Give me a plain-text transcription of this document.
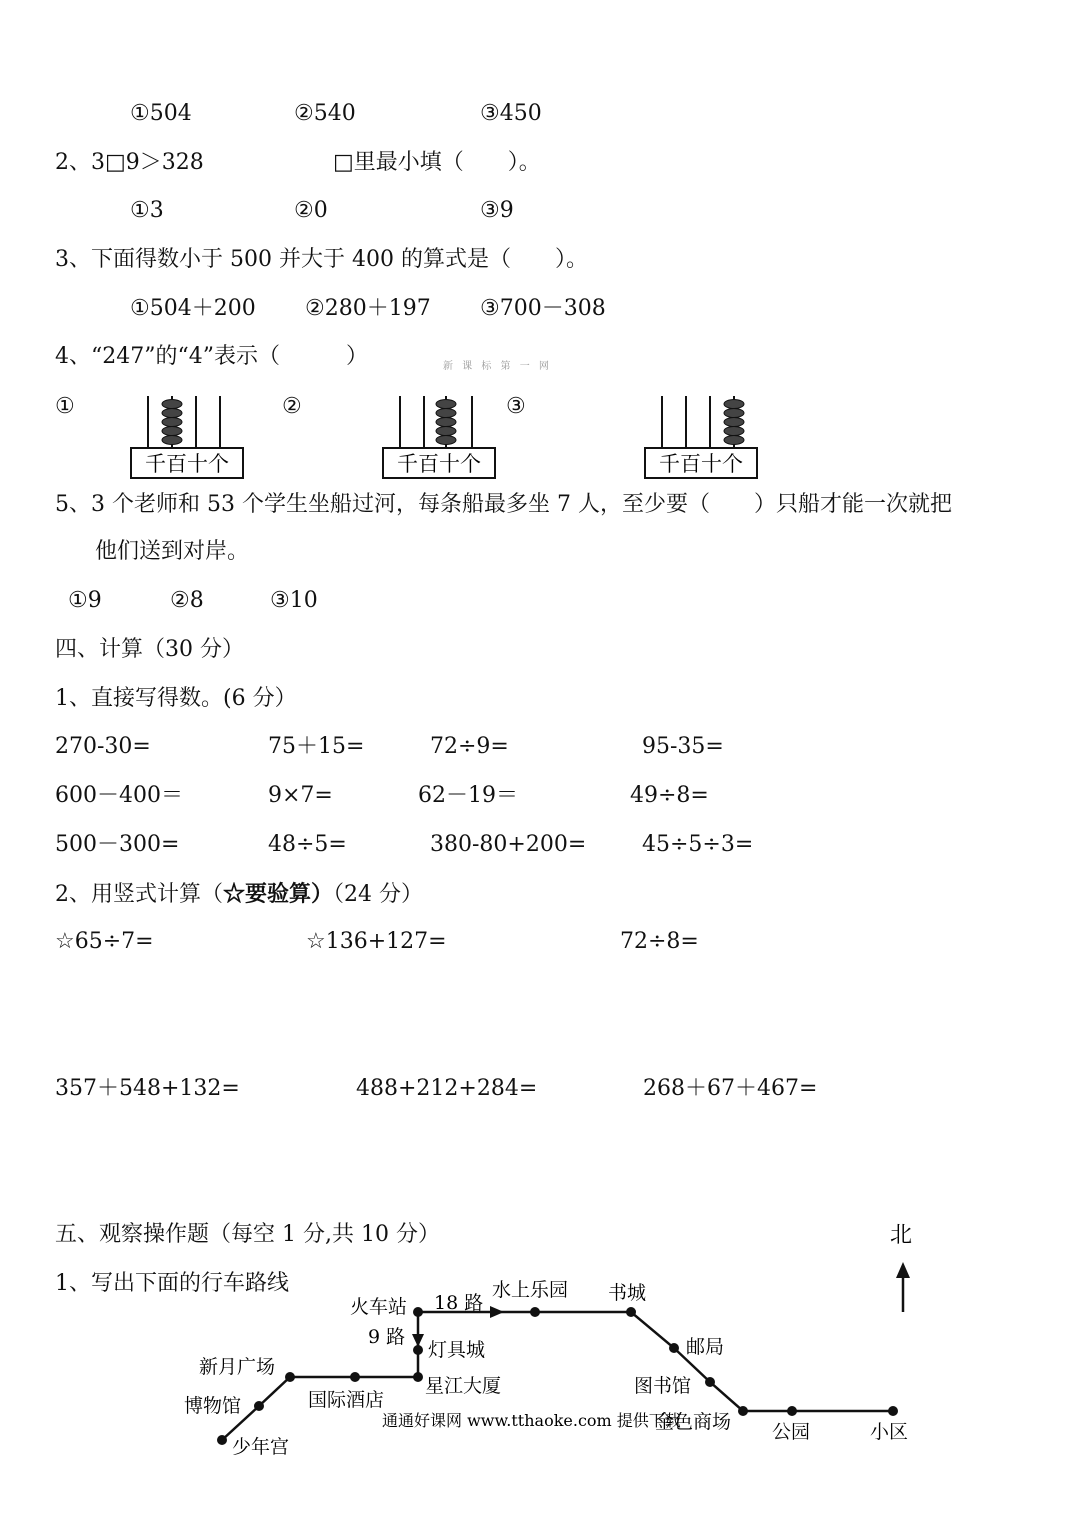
①504	②540	③450
2、3□9＞328	□里最小填（　　）。
①3	②0	③9
3、下面得数小于 500 并大于 400 的算式是（　　）。
①504＋200 ②280＋197 ③700－308
4、“247”的“4”表示（　　　）	新 课 标 第 一 网
①	②	③
千百十个	千百十个	千百十个
5、3 个老师和 53 个学生坐船过河，每条船最多坐 7 人，至少要（　　）只船才能一次就把
他们送到对岸。
①9	②8	③10
四、计算（30 分）
1、直接写得数。(6 分）
270-30=	75＋15=	72÷9=	95-35=
600－400＝	9×7=	62－19＝	49÷8=
500－300=	48÷5=	380-80+200=	45÷5÷3=
2、用竖式计算（☆要验算）（24 分）
☆65÷7=	☆136+127=	72÷8=
357＋548+132=	488+212+284=	268＋67＋467=
五、观察操作题（每空 1 分,共 10 分）
1、写出下面的行车路线
北
少年宫
博物馆
新月广场
国际酒店
火车站
灯具城
星江大厦
水上乐园 书城
邮局
图书馆
金色商场 公园	小区
18 路
9 路
通通好课网 www.tthaoke.com 提供下载
